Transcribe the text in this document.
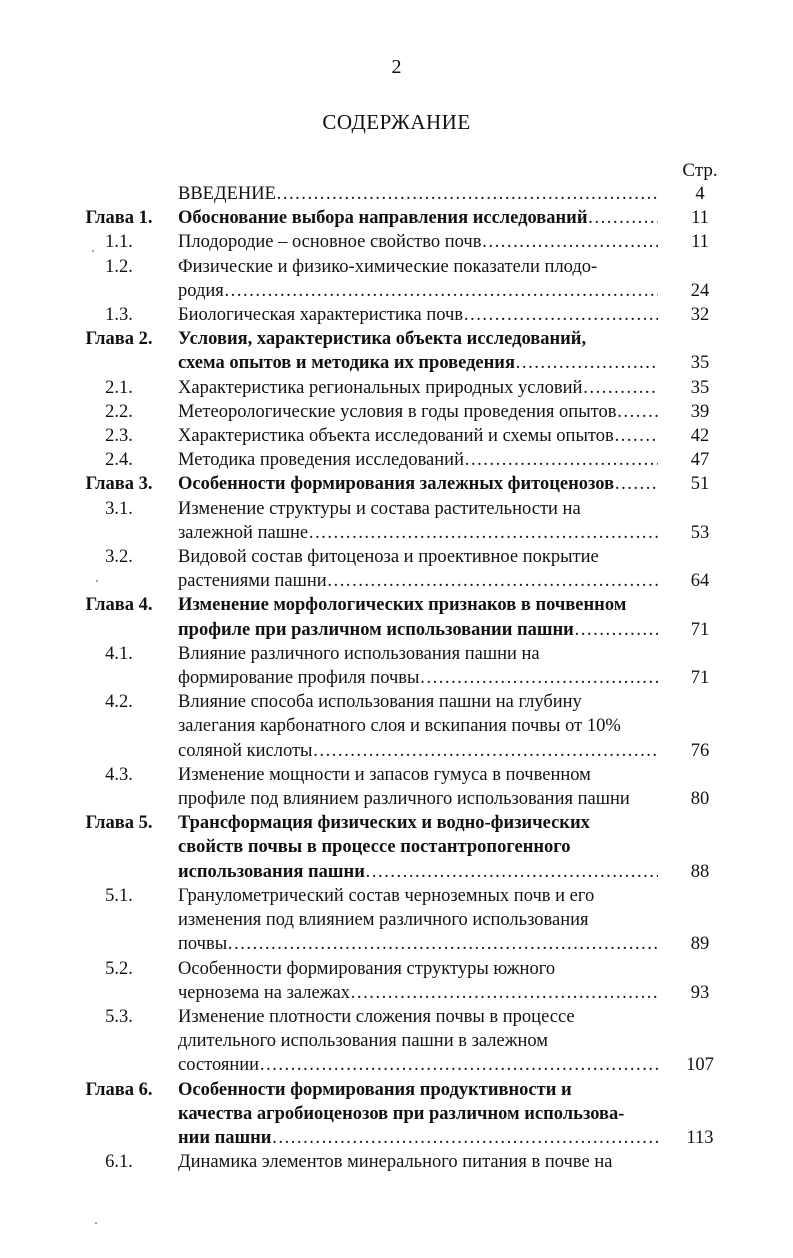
2
СОДЕРЖАНИЕ
Стр.
ВВЕДЕНИЕ ……………………………………………………………………………………………………………………………	4
Глава 1.	Обоснование выбора направления исследований ……………………………………………………………………………………………………………………………	11
1.1.	Плодородие – основное свойство почв ……………………………………………………………………………………………………………………………	11
1.2.	Физические и физико-химические показатели плодо-
родия ……………………………………………………………………………………………………………………………	24
1.3.	Биологическая характеристика почв ……………………………………………………………………………………………………………………………	32
Глава 2.	Условия, характеристика объекта исследований,
схема опытов и методика их проведения ……………………………………………………………………………………………………………………………	35
2.1.	Характеристика региональных природных условий ……………………………………………………………………………………………………………………………	35
2.2.	Метеорологические условия в годы проведения опытов ……………………………………………………………………………………………………………………………	39
2.3.	Характеристика объекта исследований и схемы опытов ……………………………………………………………………………………………………………………………	42
2.4.	Методика проведения исследований ……………………………………………………………………………………………………………………………	47
Глава 3.	Особенности формирования залежных фитоценозов ……………………………………………………………………………………………………………………………	51
3.1.	Изменение структуры и состава растительности на
залежной пашне ……………………………………………………………………………………………………………………………	53
3.2.	Видовой состав фитоценоза и проективное покрытие
растениями пашни ……………………………………………………………………………………………………………………………	64
Глава 4.	Изменение морфологических признаков в почвенном
профиле при различном использовании пашни ……………………………………………………………………………………………………………………………	71
4.1.	Влияние различного использования пашни на
формирование профиля почвы ……………………………………………………………………………………………………………………………	71
4.2.	Влияние способа использования пашни на глубину
залегания карбонатного слоя и вскипания почвы от 10%
соляной кислоты ……………………………………………………………………………………………………………………………	76
4.3.	Изменение мощности и запасов гумуса в почвенном
профиле под влиянием различного использования пашни	80
Глава 5.	Трансформация физических и водно-физических
свойств почвы в процессе постантропогенного
использования пашни ……………………………………………………………………………………………………………………………	88
5.1.	Гранулометрический состав черноземных почв и его
изменения под влиянием различного использования
почвы ……………………………………………………………………………………………………………………………	89
5.2.	Особенности формирования структуры южного
чернозема на залежах ……………………………………………………………………………………………………………………………	93
5.3.	Изменение плотности сложения почвы в процессе
длительного использования пашни в залежном
состоянии ……………………………………………………………………………………………………………………………	107
Глава 6.	Особенности формирования продуктивности и
качества агробиоценозов при различном использова-
нии пашни ……………………………………………………………………………………………………………………………	113
6.1.	Динамика элементов минерального питания в почве на
